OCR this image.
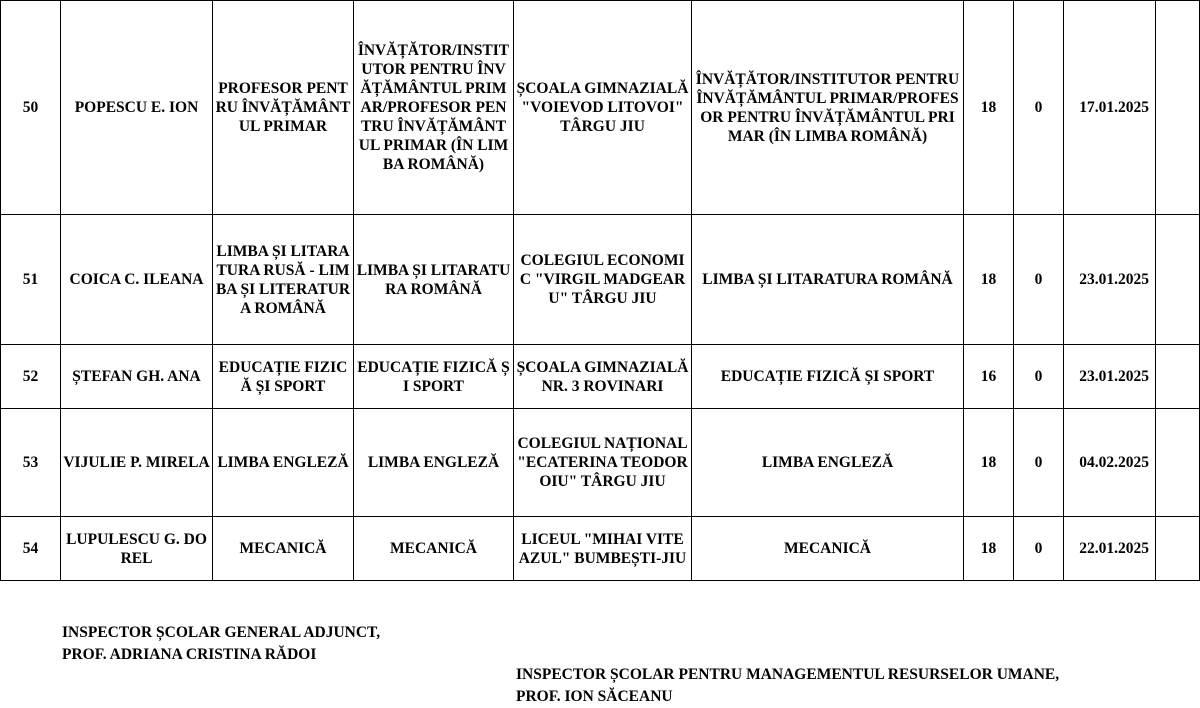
50	POPESCU E. ION	PROFESOR PENTRU ÎNVĂȚĂMÂNTUL PRIMAR	ÎNVĂȚĂTOR/INSTITUTOR PENTRU ÎNVĂȚĂMÂNTUL PRIMAR/PROFESOR PENTRU ÎNVĂȚĂMÂNTUL PRIMAR (ÎN LIMBA ROMÂNĂ)	ȘCOALA GIMNAZIALĂ "VOIEVOD LITOVOI" TÂRGU JIU	ÎNVĂȚĂTOR/INSTITUTOR PENTRU ÎNVĂȚĂMÂNTUL PRIMAR/PROFESOR PENTRU ÎNVĂȚĂMÂNTUL PRIMAR (ÎN LIMBA ROMÂNĂ)	18	0	17.01.2025	
51	COICA C. ILEANA	LIMBA ȘI LITARATURA RUSĂ - LIMBA ȘI LITERATURA ROMÂNĂ	LIMBA ȘI LITARATURA ROMÂNĂ	COLEGIUL ECONOMIC "VIRGIL MADGEARU" TÂRGU JIU	LIMBA ȘI LITARATURA ROMÂNĂ	18	0	23.01.2025	
52	ȘTEFAN GH. ANA	EDUCAȚIE FIZICĂ ȘI SPORT	EDUCAȚIE FIZICĂ ȘI SPORT	ȘCOALA GIMNAZIALĂ NR. 3 ROVINARI	EDUCAȚIE FIZICĂ ȘI SPORT	16	0	23.01.2025	
53	VIJULIE P. MIRELA	LIMBA ENGLEZĂ	LIMBA ENGLEZĂ	COLEGIUL NAȚIONAL "ECATERINA TEODOROIU" TÂRGU JIU	LIMBA ENGLEZĂ	18	0	04.02.2025	
54	LUPULESCU G. DOREL	MECANICĂ	MECANICĂ	LICEUL "MIHAI VITEAZUL" BUMBEȘTI-JIU	MECANICĂ	18	0	22.01.2025	
INSPECTOR ȘCOLAR GENERAL ADJUNCT,
PROF. ADRIANA CRISTINA RĂDOI
INSPECTOR ȘCOLAR PENTRU MANAGEMENTUL RESURSELOR UMANE,
PROF. ION SĂCEANU
